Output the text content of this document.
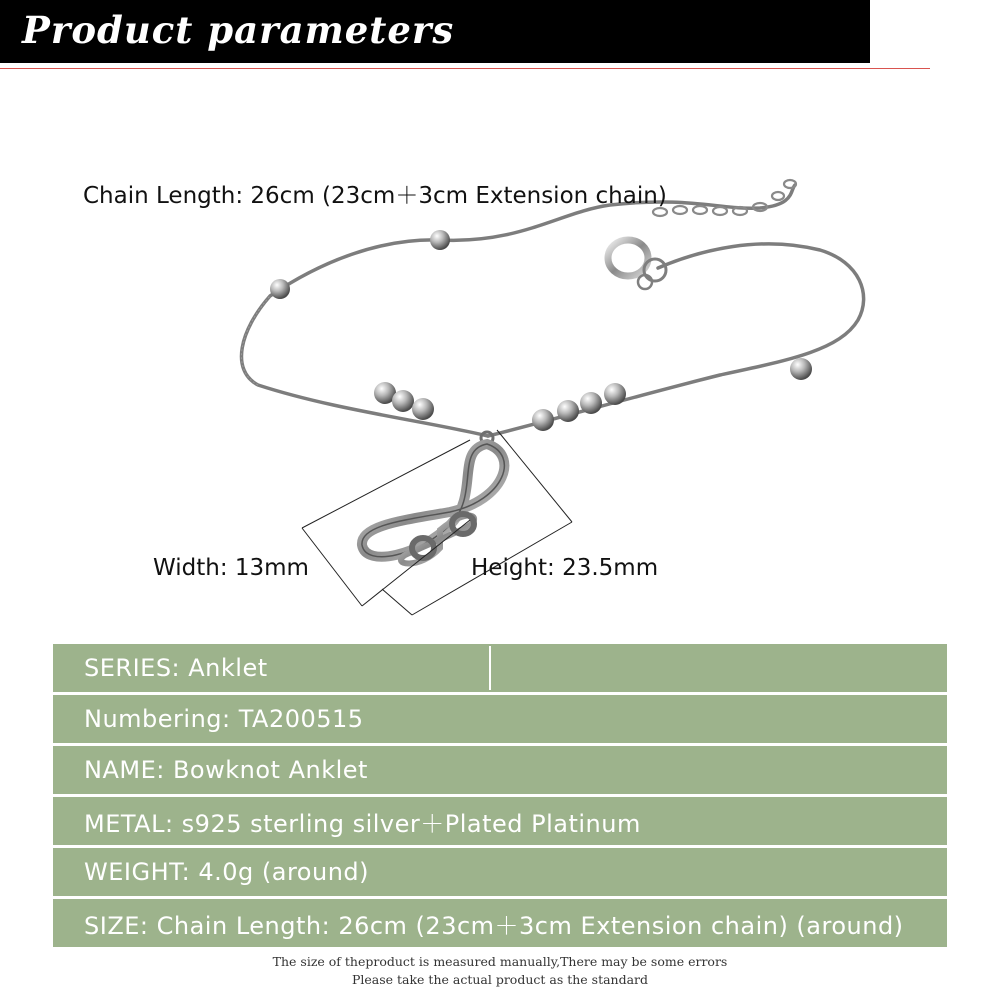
Product parameters
Chain Length: 26cm (23cm＋3cm Extension chain)
Width: 13mm	Height: 23.5mm
SERIES: Anklet
Numbering: TA200515
NAME: Bowknot Anklet
METAL: s925 sterling silver＋Plated Platinum
WEIGHT: 4.0g (around)
SIZE: Chain Length: 26cm (23cm＋3cm Extension chain) (around)
The size of theproduct is measured manually,There may be some errors
Please take the actual product as the standard
